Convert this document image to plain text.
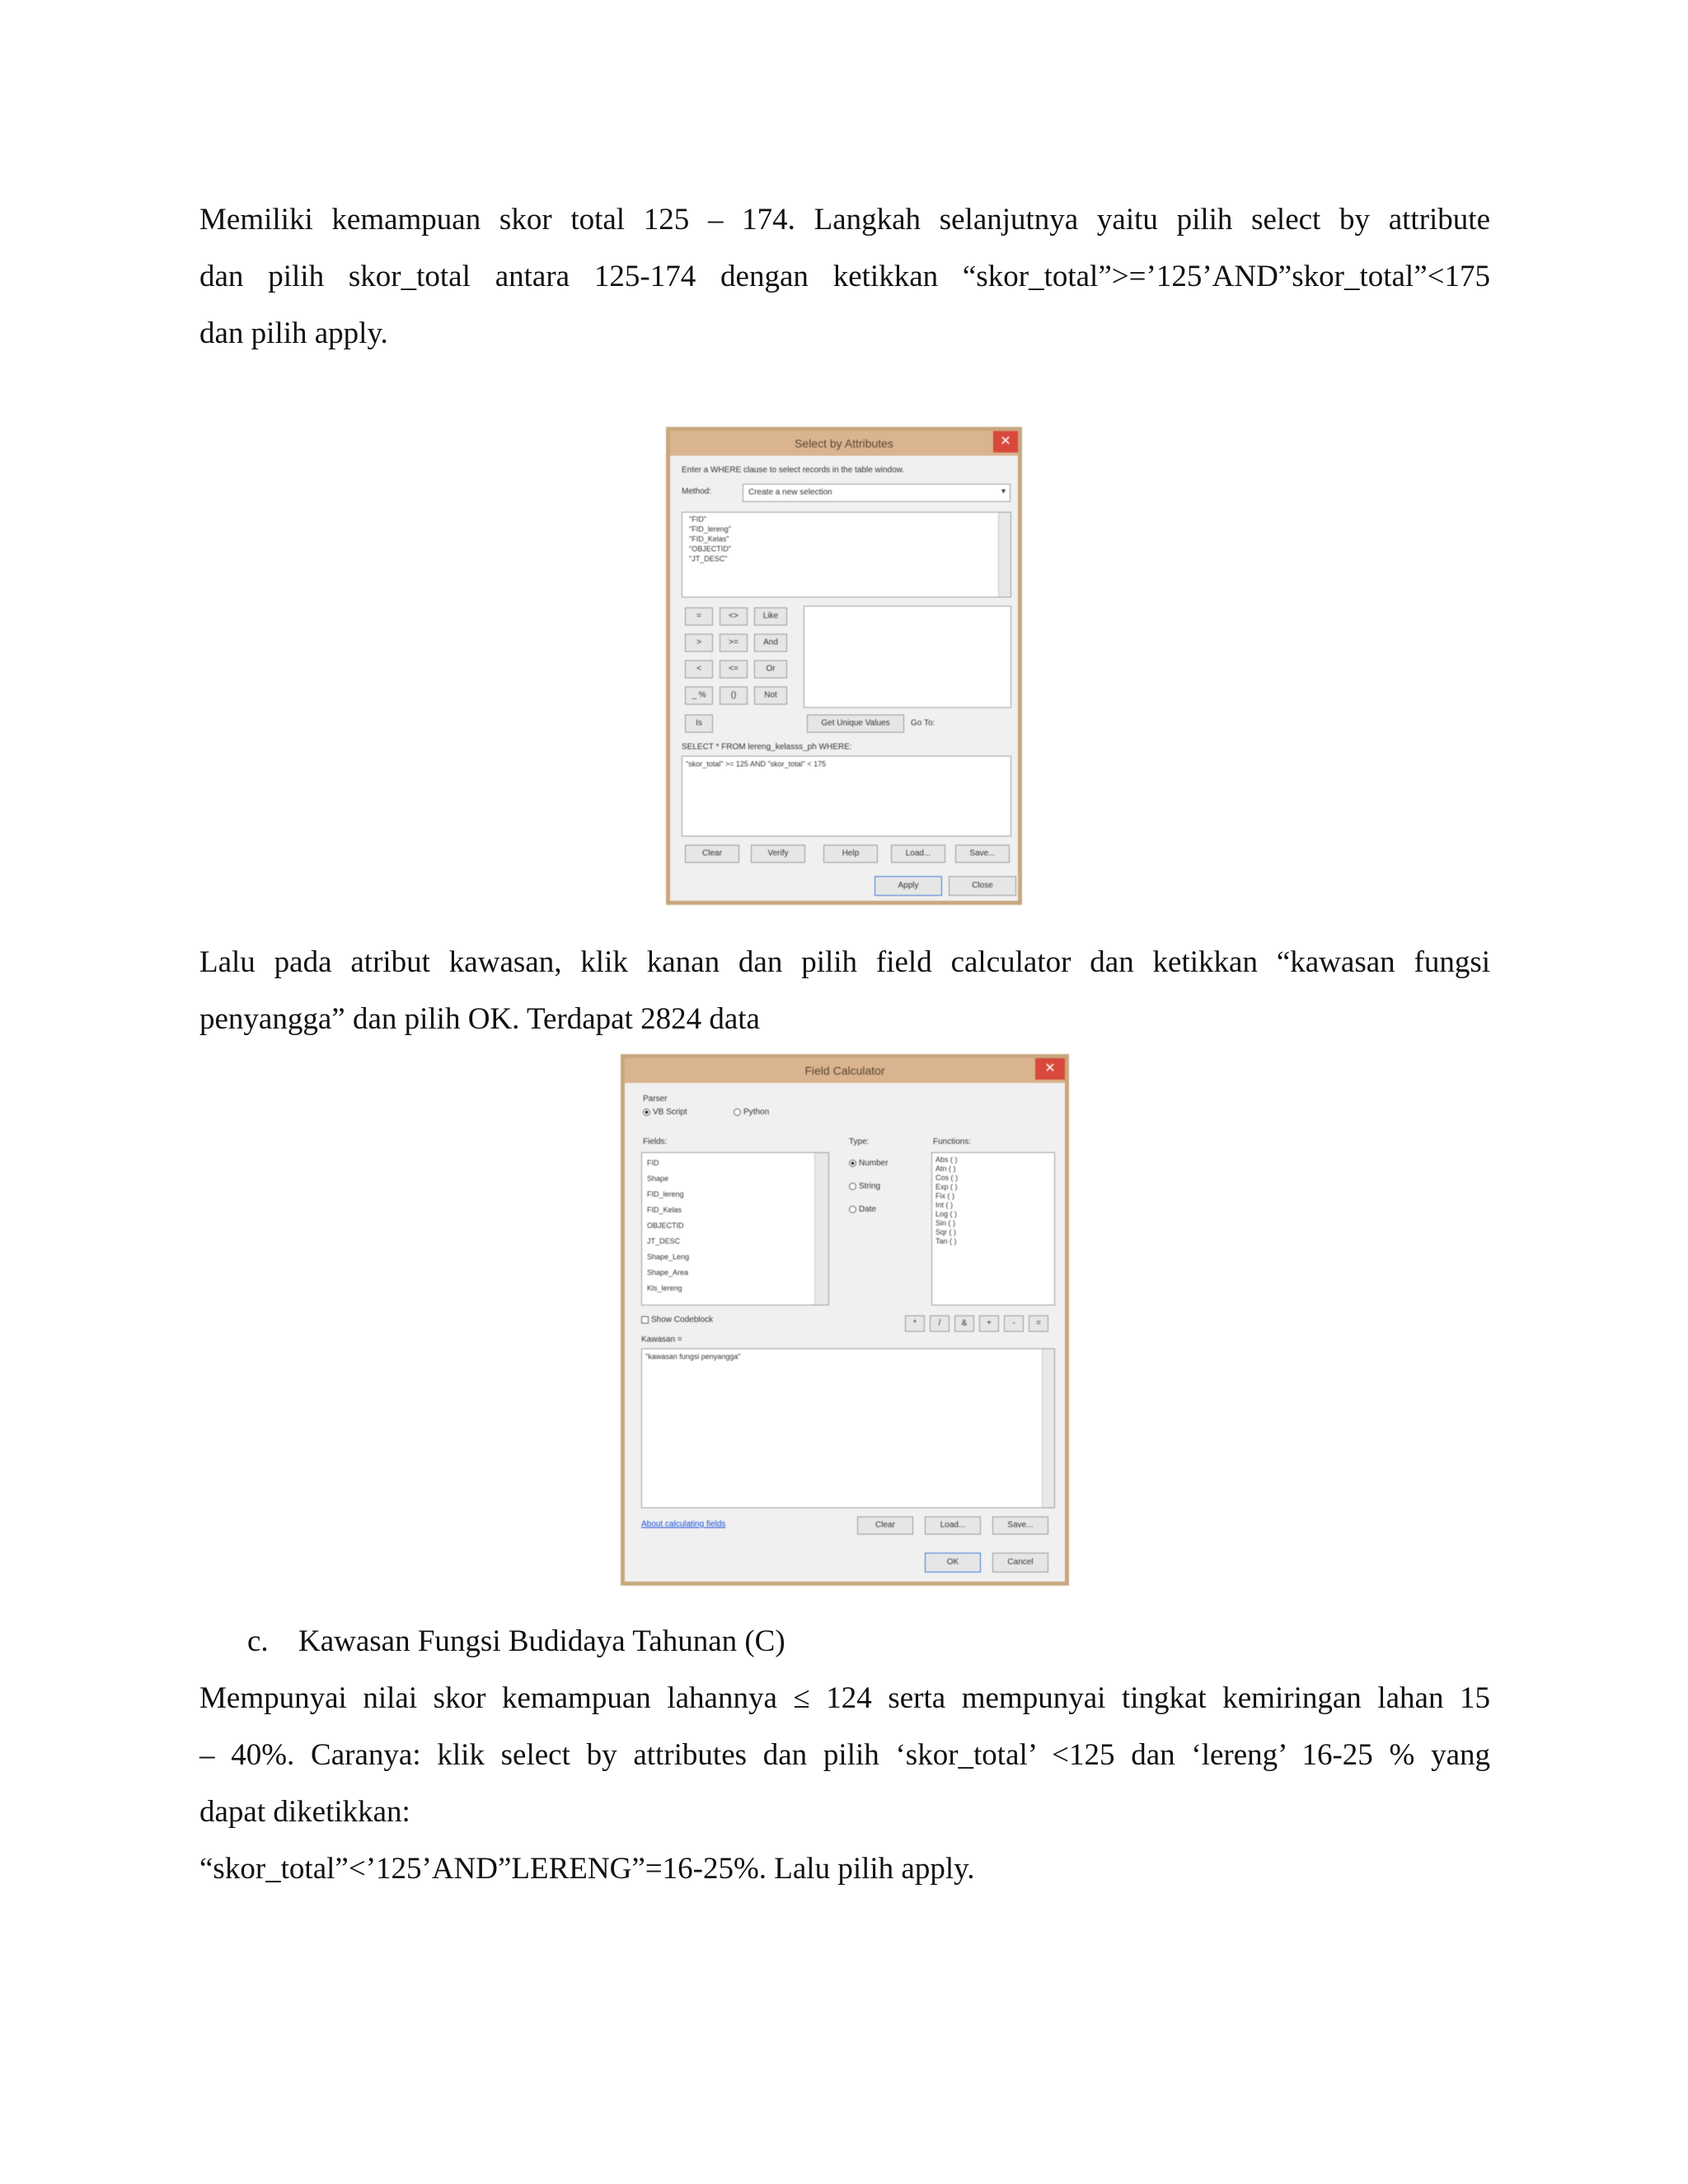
Memiliki kemampuan skor total 125 – 174. Langkah selanjutnya yaitu pilih select by attribute

dan pilih skor_total antara 125-174 dengan ketikkan “skor_total”>=’125’AND”skor_total”<175

dan pilih apply.

Select by Attributes	✕
Enter a WHERE clause to select records in the table window.
Method:	Create a new selection	▾
"FID"
"FID_lereng"
"FID_Kelas"
"OBJECTID"
"JT_DESC"
=	<>	Like
>	>=	And
<	<=	Or
_ %	()	Not
Is	Get Unique Values	Go To:
SELECT * FROM lereng_kelasss_ph WHERE:
"skor_total" >= 125 AND "skor_total" < 175
Clear	Verify	Help	Load...	Save...
Apply	Close

Lalu pada atribut kawasan, klik kanan dan pilih field calculator dan ketikkan “kawasan fungsi

penyangga” dan pilih OK. Terdapat 2824 data

Field Calculator	✕
Parser
VB Script	Python
Fields:
FID
Shape
FID_lereng
FID_Kelas
OBJECTID
JT_DESC
Shape_Leng
Shape_Area
Kls_lereng
Type:
Number
String
Date
Functions:
Abs ( )
Atn ( )
Cos ( )
Exp ( )
Fix ( )
Int ( )
Log ( )
Sin ( )
Sqr ( )
Tan ( )
Show Codeblock	*	/	&	+	-	=
Kawasan =
"kawasan fungsi penyangga"
About calculating fields	Clear	Load...	Save...
OK	Cancel
c. Kawasan Fungsi Budidaya Tahunan (C)

Mempunyai nilai skor kemampuan lahannya ≤ 124 serta mempunyai tingkat kemiringan lahan 15

– 40%. Caranya: klik select by attributes dan pilih ‘skor_total’ <125 dan ‘lereng’ 16-25 % yang

dapat diketikkan:

“skor_total”<’125’AND”LERENG”=16-25%. Lalu pilih apply.
